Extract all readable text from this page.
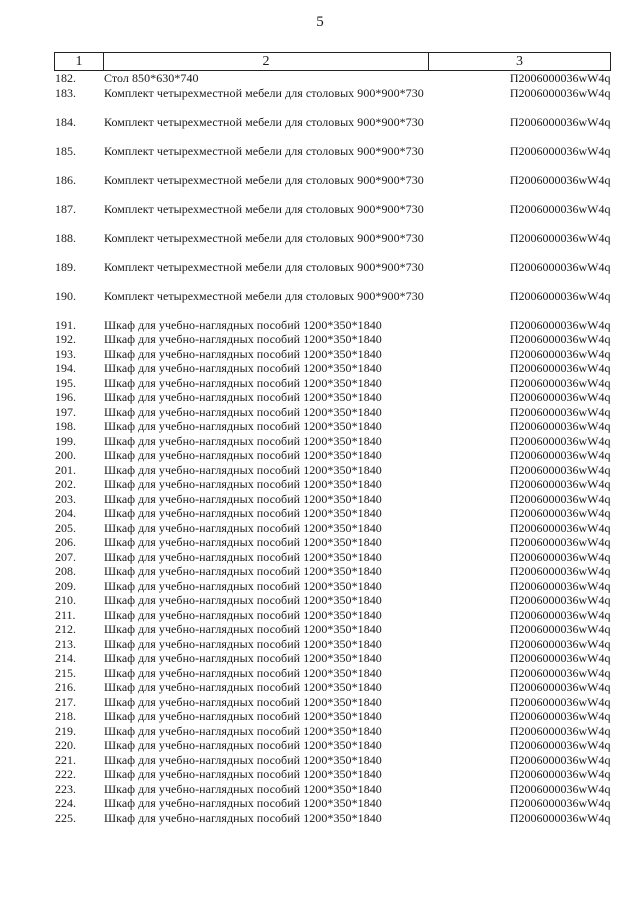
5
1	2	3
182.	Стол 850*630*740	П2006000036wW4q
183.	Комплект четырехместной мебели для столовых 900*900*730	П2006000036wW4q
184.	Комплект четырехместной мебели для столовых 900*900*730	П2006000036wW4q
185.	Комплект четырехместной мебели для столовых 900*900*730	П2006000036wW4q
186.	Комплект четырехместной мебели для столовых 900*900*730	П2006000036wW4q
187.	Комплект четырехместной мебели для столовых 900*900*730	П2006000036wW4q
188.	Комплект четырехместной мебели для столовых 900*900*730	П2006000036wW4q
189.	Комплект четырехместной мебели для столовых 900*900*730	П2006000036wW4q
190.	Комплект четырехместной мебели для столовых 900*900*730	П2006000036wW4q
191.	Шкаф для учебно-наглядных пособий 1200*350*1840	П2006000036wW4q
192.	Шкаф для учебно-наглядных пособий 1200*350*1840	П2006000036wW4q
193.	Шкаф для учебно-наглядных пособий 1200*350*1840	П2006000036wW4q
194.	Шкаф для учебно-наглядных пособий 1200*350*1840	П2006000036wW4q
195.	Шкаф для учебно-наглядных пособий 1200*350*1840	П2006000036wW4q
196.	Шкаф для учебно-наглядных пособий 1200*350*1840	П2006000036wW4q
197.	Шкаф для учебно-наглядных пособий 1200*350*1840	П2006000036wW4q
198.	Шкаф для учебно-наглядных пособий 1200*350*1840	П2006000036wW4q
199.	Шкаф для учебно-наглядных пособий 1200*350*1840	П2006000036wW4q
200.	Шкаф для учебно-наглядных пособий 1200*350*1840	П2006000036wW4q
201.	Шкаф для учебно-наглядных пособий 1200*350*1840	П2006000036wW4q
202.	Шкаф для учебно-наглядных пособий 1200*350*1840	П2006000036wW4q
203.	Шкаф для учебно-наглядных пособий 1200*350*1840	П2006000036wW4q
204.	Шкаф для учебно-наглядных пособий 1200*350*1840	П2006000036wW4q
205.	Шкаф для учебно-наглядных пособий 1200*350*1840	П2006000036wW4q
206.	Шкаф для учебно-наглядных пособий 1200*350*1840	П2006000036wW4q
207.	Шкаф для учебно-наглядных пособий 1200*350*1840	П2006000036wW4q
208.	Шкаф для учебно-наглядных пособий 1200*350*1840	П2006000036wW4q
209.	Шкаф для учебно-наглядных пособий 1200*350*1840	П2006000036wW4q
210.	Шкаф для учебно-наглядных пособий 1200*350*1840	П2006000036wW4q
211.	Шкаф для учебно-наглядных пособий 1200*350*1840	П2006000036wW4q
212.	Шкаф для учебно-наглядных пособий 1200*350*1840	П2006000036wW4q
213.	Шкаф для учебно-наглядных пособий 1200*350*1840	П2006000036wW4q
214.	Шкаф для учебно-наглядных пособий 1200*350*1840	П2006000036wW4q
215.	Шкаф для учебно-наглядных пособий 1200*350*1840	П2006000036wW4q
216.	Шкаф для учебно-наглядных пособий 1200*350*1840	П2006000036wW4q
217.	Шкаф для учебно-наглядных пособий 1200*350*1840	П2006000036wW4q
218.	Шкаф для учебно-наглядных пособий 1200*350*1840	П2006000036wW4q
219.	Шкаф для учебно-наглядных пособий 1200*350*1840	П2006000036wW4q
220.	Шкаф для учебно-наглядных пособий 1200*350*1840	П2006000036wW4q
221.	Шкаф для учебно-наглядных пособий 1200*350*1840	П2006000036wW4q
222.	Шкаф для учебно-наглядных пособий 1200*350*1840	П2006000036wW4q
223.	Шкаф для учебно-наглядных пособий 1200*350*1840	П2006000036wW4q
224.	Шкаф для учебно-наглядных пособий 1200*350*1840	П2006000036wW4q
225.	Шкаф для учебно-наглядных пособий 1200*350*1840	П2006000036wW4q
